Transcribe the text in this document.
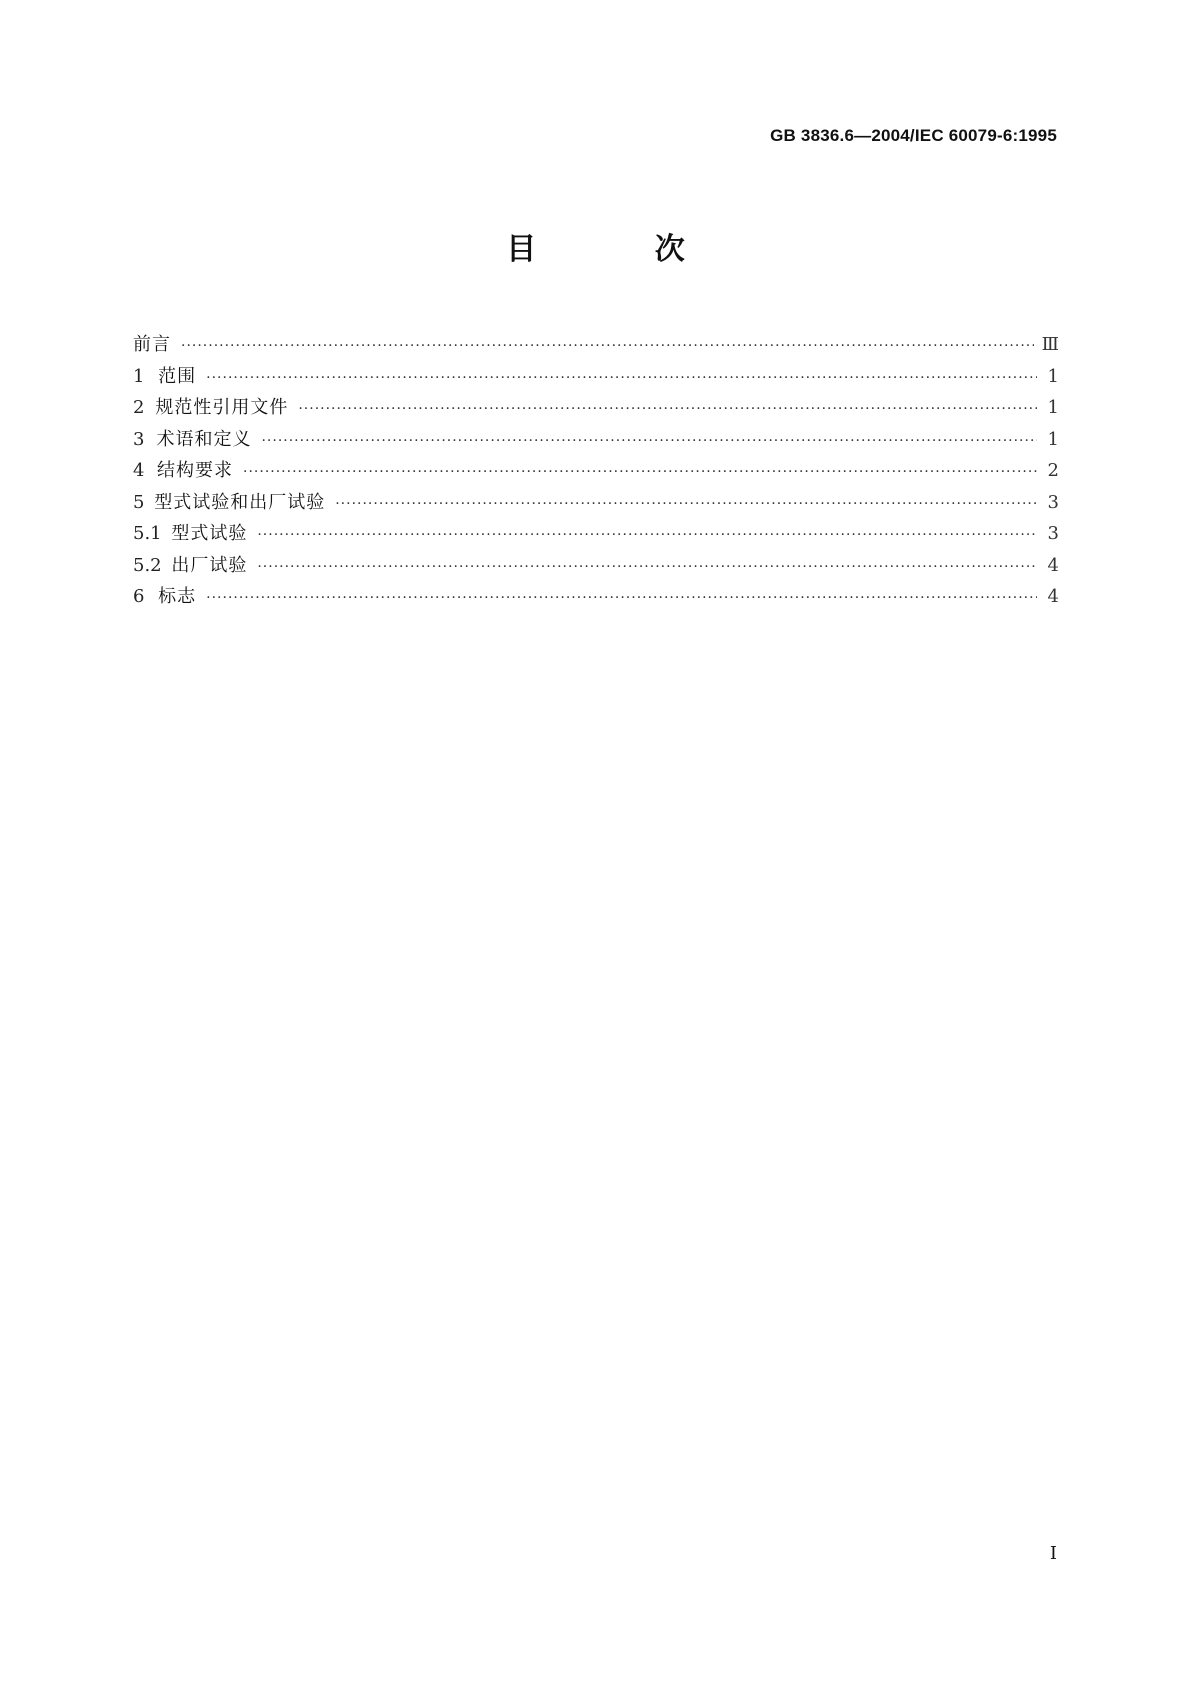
GB 3836.6—2004/IEC 60079-6:1995
目 次
前言 ·····	Ⅲ
1 范围 ·····	1
2 规范性引用文件 ·····	1
3 术语和定义 ·····	1
4 结构要求 ·····	2
5 型式试验和出厂试验 ·····	3
5.1 型式试验 ·····	3
5.2 出厂试验 ·····	4
6 标志 ·····	4
I
